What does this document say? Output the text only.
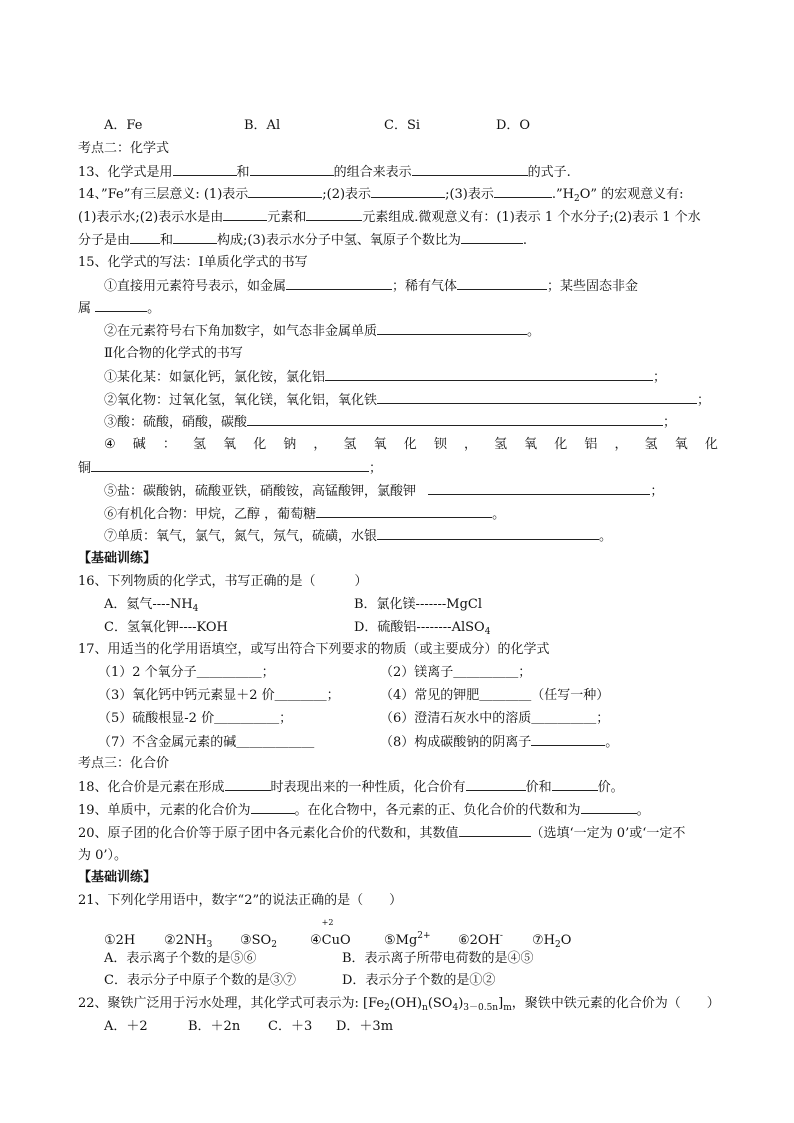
A．Fe	B．Al	C．Si	D．O
考点二：化学式
13、化学式是用	和	的组合来表示	的式子.
14、”Fe”有三层意义: (1)表示	;(2)表示	;(3)表示	$.”H_2O$” 的宏观意义有:
(1)表示水;(2)表示水是由	元素和	元素组成.微观意义有：(1)表示 1 个水分子;(2)表示 1 个水
分子是由 和	构成;(3)表示水分子中氢、氧原子个数比为	.
15、化学式的写法：Ⅰ单质化学式的书写
①直接用元素符号表示，如金属	；稀有气体	；某些固态非金
属	。
②在元素符号右下角加数字，如气态非金属单质	。
Ⅱ化合物的化学式的书写
①某化某：如氯化钙，氯化铵，氯化铝	；
②氧化物：过氧化氢，氧化镁，氧化铝，氧化铁	；
③酸：硫酸，硝酸，碳酸	；
④ 碱 ： 氢 氧 化 钠 ， 氢 氧 化 钡 ， 氢 氧 化 铝 ， 氢 氧 化
铜	；
⑤盐：碳酸钠，硫酸亚铁，硝酸铵，高锰酸钾，氯酸钾	；
⑥有机化合物：甲烷，乙醇 ，葡萄糖	。
⑦单质：氧气，氯气，氮气，氖气，硫磺，水银	。
【基础训练】
16、下列物质的化学式，书写正确的是（　　　）
A．氦气$----NH_4$	B．氯化镁-------MgCl
C．氢氧化钾----KOH	D．硫酸铝--------AlSO$_4$
17、用适当的化学用语填空，或写出符合下列要求的物质（或主要成分）的化学式
（1）2 个氧分子＿＿＿＿＿；	（2）镁离子＿＿＿＿＿；
（3）氧化钙中钙元素显＋2 价＿＿＿＿；	（4）常见的钾肥＿＿＿＿（任写一种）
（5）硫酸根显-2 价＿＿＿＿＿；	（6）澄清石灰水中的溶质＿＿＿＿＿；
（7）不含金属元素的碱＿＿＿＿＿＿	（8）构成碳酸钠的阴离子	。
考点三：化合价
18、化合价是元素在形成	时表现出来的一种性质，化合价有	价和	价。
19、单质中，元素的化合价为	。在化合物中，各元素的正、负化合价的代数和为	。
20、原子团的化合价等于原子团中各元素化合价的代数和，其数值	（选填‘一定为 0’或‘一定不
为 0’）。
【基础训练】
21、下列化学用语中，数字“2”的说法正确的是（　　）
①2H $②2NH_3$ $③SO_2$	④
+2
CuO	$⑤Mg^{2+}$ ⑥2OH- $⑦H_2O$
A．表示离子个数的是⑤⑥	B．表示离子所带电荷数的是④⑤
C．表示分子中原子个数的是③⑦	D．表示分子个数的是①②
22、聚铁广泛用于污水处理，其化学式可表示为: $[Fe_2(OH)_n(SO_4)_{3-0.5n}]_m$，聚铁中铁元素的化合价为（　　）
A．＋2	B．＋2n C．＋3 D．＋3m
